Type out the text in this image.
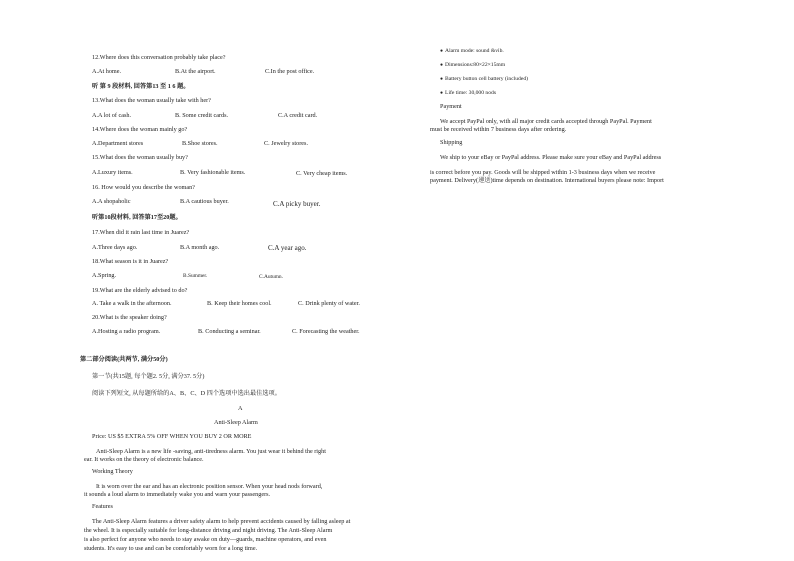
12.Where does this conversation probably take place?
A.At home.	B.At the airport.	C.In the post office.
听 第 9 段材料, 回答第13 至 1 6 题。
13.What does the woman usually take with her?
A.A lot of cash.	B. Some credit cards.	C.A credit card.
14.Where does the woman mainly go?
A.Department stores	B.Shoe stores.	C. Jewelry stores.
15.What does the woman usually buy?
A.Luxury items.	B. Very fashionable items.	C. Very cheap items.
16. How would you describe the woman?
A.A shopaholic	B.A cautious buyer.	C.A picky buyer.
听第10段材料, 回答第17至20题。
17.When did it rain last time in Juarez?
A.Three days ago.	B.A month ago.	C.A year ago.
18.What season is it in Juarez?
A.Spring.	B.Summer.	C.Autumn.
19.What are the elderly advised to do?
A. Take a walk in the afternoon.	B. Keep their homes cool.	C. Drink plenty of water.
20.What is the speaker doing?
A.Hosting a radio program.	B. Conducting a seminar.	C. Forecasting the weather.
第二部分阅读(共两节, 满分50分)
第一节(共15题, 每个题2. 5分, 满分37. 5分)
阅读下列短文, 从每题所给的A、B、C、D 四个选项中选出最佳选项。
A
Anti-Sleep Alarm
Price: US $5 EXTRA 5% OFF WHEN YOU BUY 2 OR MORE
Anti-Sleep Alarm is a new life -saving, anti-tiredness alarm. You just wear it behind the right
ear. It works on the theory of electronic balance.
Working Theory
It is worn over the ear and has an electronic position sensor. When your head nods forward,
it sounds a loud alarm to immediately wake you and warn your passengers.
Features
The Anti-Sleep Alarm features a driver safety alarm to help prevent accidents caused by falling asleep at
the wheel. It is especially suitable for long-distance driving and night driving. The Anti-Sleep Alarm
is also perfect for anyone who needs to stay awake on duty—guards, machine operators, and even
students. It's easy to use and can be comfortably worn for a long time.
● Alarm mode: sound &vib.
● Dimensions:80×22×15mm
● Battery button cell battery (included)
● Life time: 30,000 nods
Payment
We accept PayPal only, with all major credit cards accepted through PayPal. Payment
must be received within 7 business days after ordering.
Shipping
We ship to your eBay or PayPal address. Please make sure your eBay and PayPal address
is correct before you pay. Goods will be shipped within 1-3 business days when we receive
payment. Delivery(递送)time depends on destination. International buyers please note: Import
